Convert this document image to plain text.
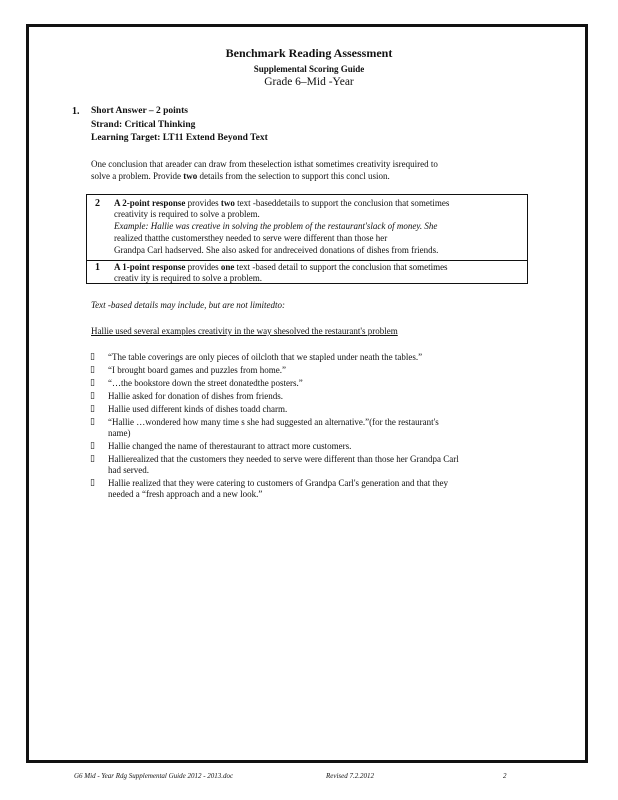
Benchmark Reading Assessment
Supplemental Scoring Guide
Grade 6–Mid -Year
1. Short Answer – 2 points
Strand: Critical Thinking
Learning Target: LT11 Extend Beyond Text
One conclusion that areader can draw from theselection isthat sometimes creativity isrequired to
solve a problem. Provide two details from the selection to support this concl usion.
2 A 2-point response provides two text -baseddetails to support the conclusion that sometimes
creativity is required to solve a problem.
Example: Hallie was creative in solving the problem of the restaurant'slack of money. She
realized thatthe customersthey needed to serve were different than those her
Grandpa Carl hadserved. She also asked for andreceived donations of dishes from friends.
1 A 1-point response provides one text -based detail to support the conclusion that sometimes
creativ ity is required to solve a problem.
Text -based details may include, but are not limitedto:
Hallie used several examples creativity in the way shesolved the restaurant's problem
▯ “The table coverings are only pieces of oilcloth that we stapled under neath the tables.”
▯ “I brought board games and puzzles from home.”
▯ “…the bookstore down the street donatedthe posters.”
▯ Hallie asked for donation of dishes from friends.
▯ Hallie used different kinds of dishes toadd charm.
▯ “Hallie …wondered how many time s she had suggested an alternative.”(for the restaurant's
name)
▯ Hallie changed the name of therestaurant to attract more customers.
▯ Hallierealized that the customers they needed to serve were different than those her Grandpa Carl
had served.
▯ Hallie realized that they were catering to customers of Grandpa Carl's generation and that they
needed a “fresh approach and a new look.”
G6 Mid - Year Rdg Supplemental Guide 2012 - 2013.doc	Revised 7.2.2012	2
